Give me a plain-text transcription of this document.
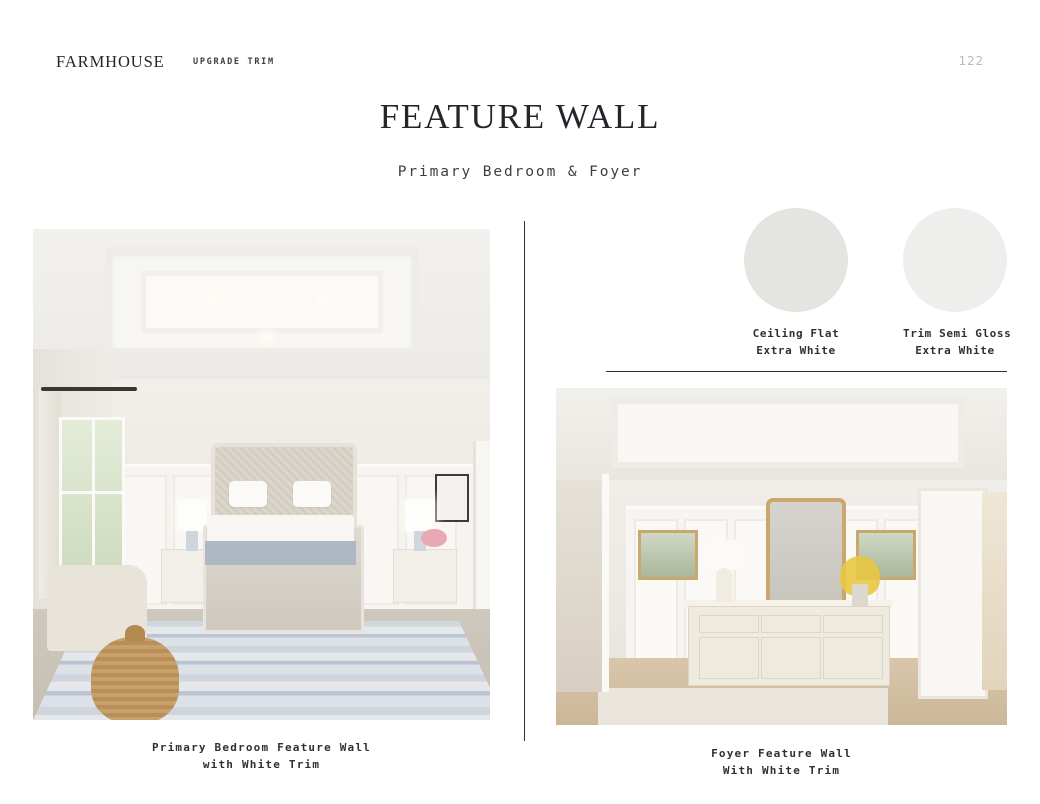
FARMHOUSE	UPGRADE TRIM	122
FEATURE WALL
Primary Bedroom & Foyer
Primary Bedroom Feature Wall
with White Trim
Ceiling Flat
Extra White
Trim Semi Gloss
Extra White
Foyer Feature Wall
With White Trim
